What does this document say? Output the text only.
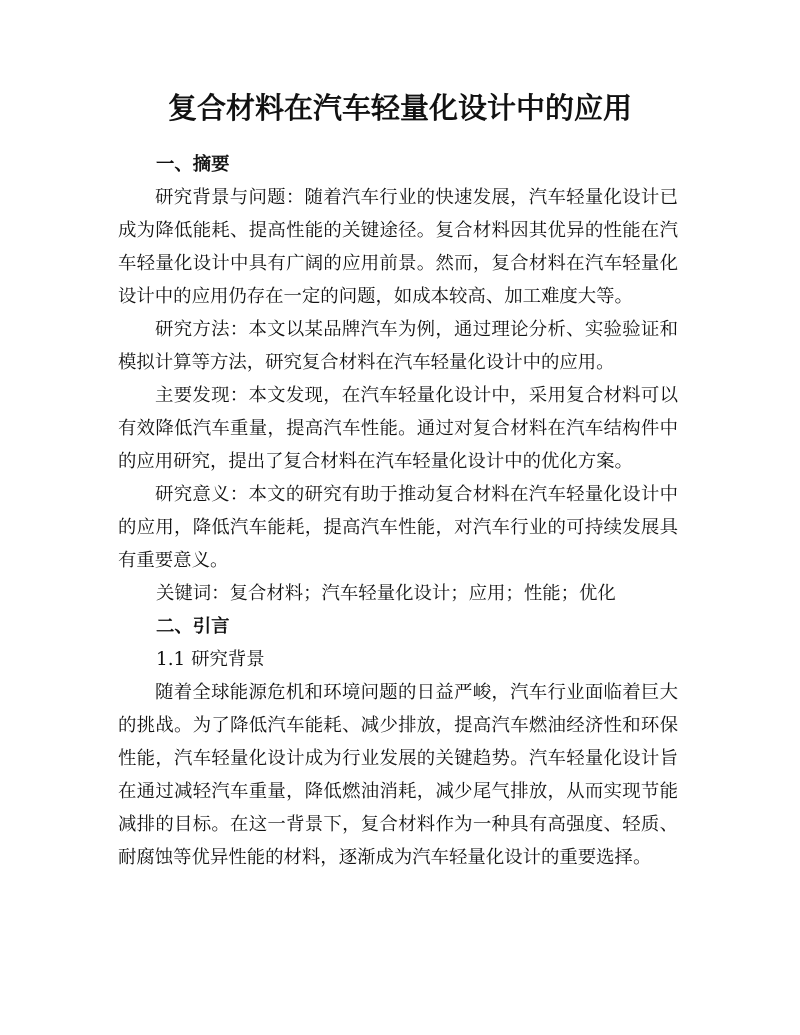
复合材料在汽车轻量化设计中的应用
一、摘要

研究背景与问题：随着汽车行业的快速发展，汽车轻量化设计已成为降低能耗、提高性能的关键途径。复合材料因其优异的性能在汽车轻量化设计中具有广阔的应用前景。然而，复合材料在汽车轻量化设计中的应用仍存在一定的问题，如成本较高、加工难度大等。

研究方法：本文以某品牌汽车为例，通过理论分析、实验验证和模拟计算等方法，研究复合材料在汽车轻量化设计中的应用。

主要发现：本文发现，在汽车轻量化设计中，采用复合材料可以有效降低汽车重量，提高汽车性能。通过对复合材料在汽车结构件中的应用研究，提出了复合材料在汽车轻量化设计中的优化方案。

研究意义：本文的研究有助于推动复合材料在汽车轻量化设计中的应用，降低汽车能耗，提高汽车性能，对汽车行业的可持续发展具有重要意义。

关键词：复合材料；汽车轻量化设计；应用；性能；优化
二、引言
1.1 研究背景

随着全球能源危机和环境问题的日益严峻，汽车行业面临着巨大的挑战。为了降低汽车能耗、减少排放，提高汽车燃油经济性和环保性能，汽车轻量化设计成为行业发展的关键趋势。汽车轻量化设计旨在通过减轻汽车重量，降低燃油消耗，减少尾气排放，从而实现节能减排的目标。在这一背景下，复合材料作为一种具有高强度、轻质、耐腐蚀等优异性能的材料，逐渐成为汽车轻量化设计的重要选择。
